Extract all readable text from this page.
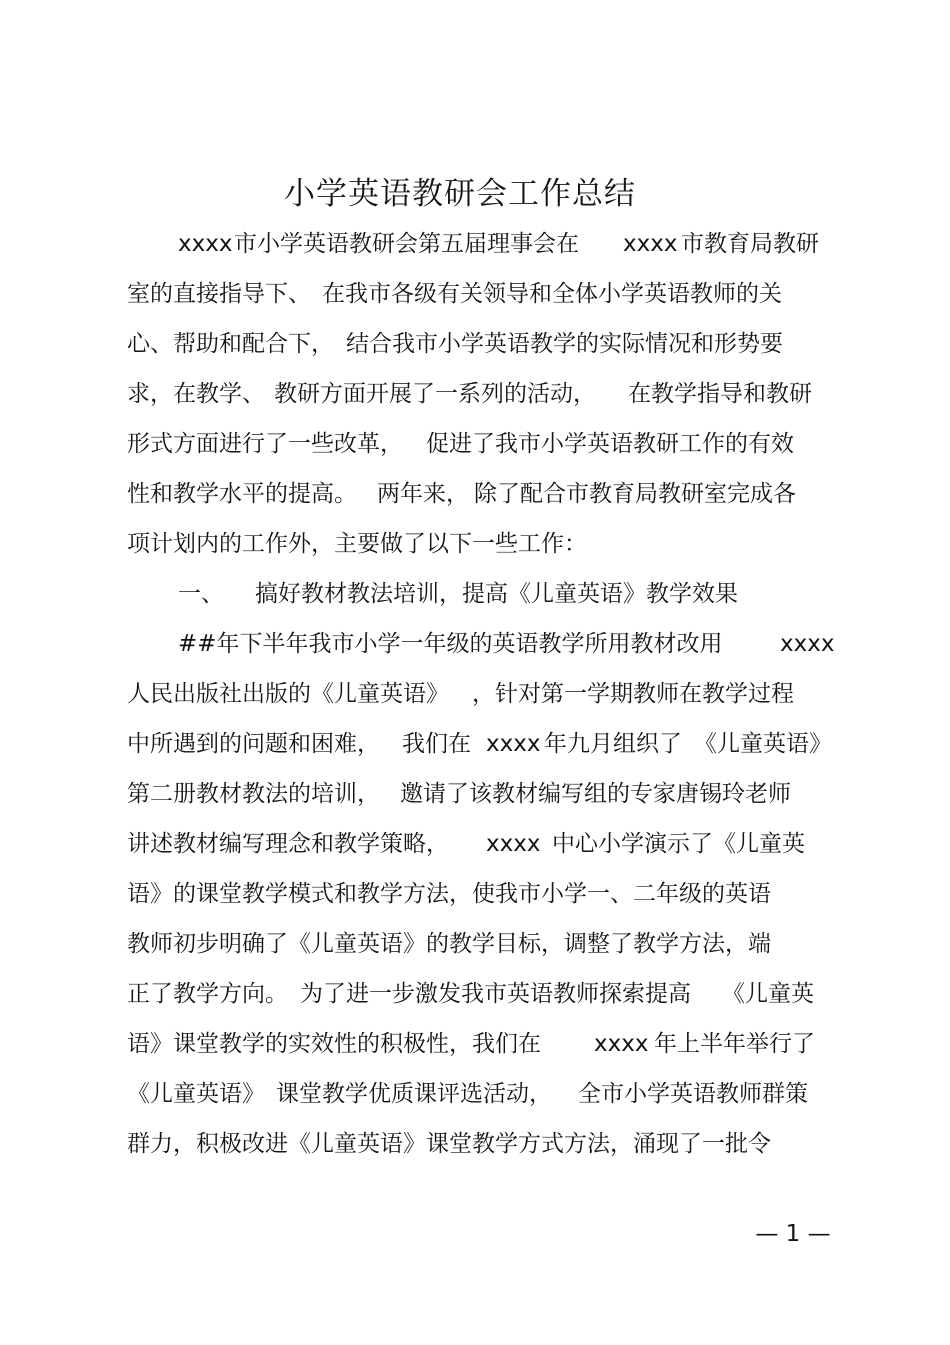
小学英语教研会工作总结
xxxx 市小学英语教研会第五届理事会在 xxxx 市教育局教研
室的直接指导下、 在我市各级有关领导和全体小学英语教师的关
心、帮助和配合下， 结合我市小学英语教学的实际情况和形势要
求，在教学、 教研方面开展了一系列的活动， 在教学指导和教研
形式方面进行了一些改革， 促进了我市小学英语教研工作的有效
性和教学水平的提高。 两年来， 除了配合市教育局教研室完成各
项计划内的工作外，主要做了以下一些工作：
一、 搞好教材教法培训，提高《儿童英语》教学效果
##年下半年我市小学一年级的英语教学所用教材改用 xxxx
人民出版社出版的《儿童英语》 ，针对第一学期教师在教学过程
中所遇到的问题和困难， 我们在 xxxx 年九月组织了 《儿童英语》
第二册教材教法的培训， 邀请了该教材编写组的专家唐锡玲老师
讲述教材编写理念和教学策略， xxxx 中心小学演示了《儿童英
语》的课堂教学模式和教学方法，使我市小学一、二年级的英语
教师初步明确了《儿童英语》的教学目标，调整了教学方法，端
正了教学方向。 为了进一步激发我市英语教师探索提高 《儿童英
语》课堂教学的实效性的积极性，我们在 xxxx 年上半年举行了
《儿童英语》 课堂教学优质课评选活动， 全市小学英语教师群策
群力，积极改进《儿童英语》课堂教学方式方法，涌现了一批令
— 1 —
